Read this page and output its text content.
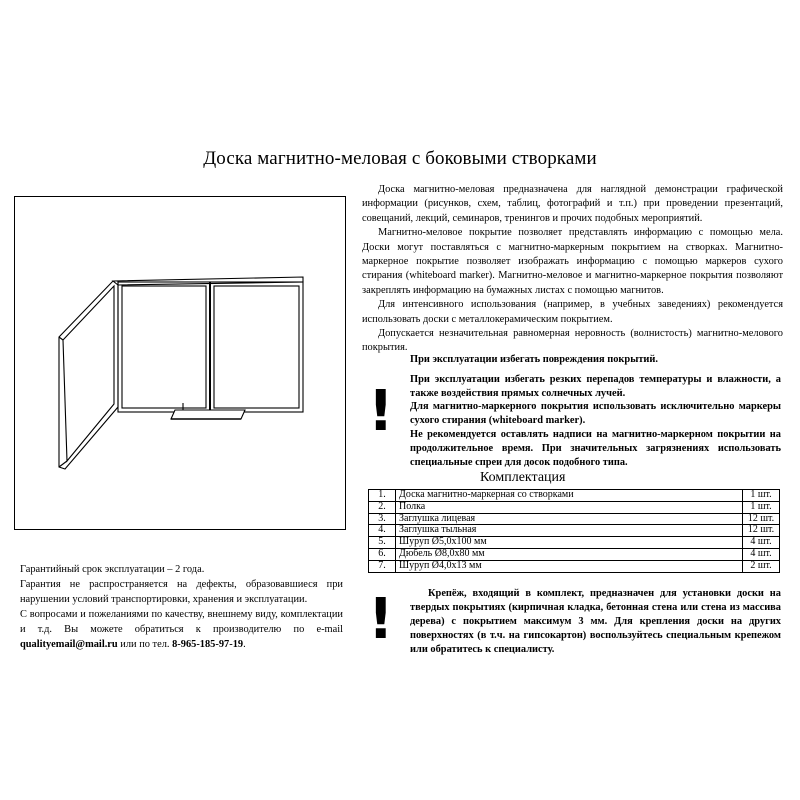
Доска магнитно-меловая с боковыми створками

Доска магнитно-меловая предназначена для наглядной демонстрации графической информации (рисунков, схем, таблиц, фотографий и т.п.) при проведении презентаций, совещаний, лекций, семинаров, тренингов и прочих подобных мероприятий.

Магнитно-меловое покрытие позволяет представлять информацию с помощью мела. Доски могут поставляться с магнитно-маркерным покрытием на створках. Магнитно-маркерное покрытие позволяет изображать информацию с помощью маркеров сухого стирания (whiteboard marker). Магнитно-меловое и магнитно-маркерное покрытия позволяют закреплять информацию на бумажных листах с помощью магнитов.

Для интенсивного использования (например, в учебных заведениях) рекомендуется использовать доски с металлокерамическим покрытием.

Допускается незначительная равномерная неровность (волнистость) магнитно-мелового покрытия.

!

При эксплуатации избегать повреждения покрытий.

При эксплуатации избегать резких перепадов температуры и влажности, а также воздействия прямых солнечных лучей.

Для магнитно-маркерного покрытия использовать исключительно маркеры сухого стирания (whiteboard marker).

Не рекомендуется оставлять надписи на магнитно-маркерном покрытии на продолжительное время. При значительных загрязнениях использовать специальные спреи для досок подобного типа.

Комплектация
1.	Доска магнитно-маркерная со створками	1 шт.
2.	Полка	1 шт.
3.	Заглушка лицевая	12 шт.
4.	Заглушка тыльная	12 шт.
5.	Шуруп Ø5,0x100 мм	4 шт.
6.	Дюбель Ø8,0x80 мм	4 шт.
7.	Шуруп Ø4,0x13 мм	2 шт.
!	Крепёж, входящий в комплект, предназначен для установки доски на твердых покрытиях (кирпичная кладка, бетонная стена или стена из массива дерева) с покрытием максимум 3 мм. Для крепления доски на других поверхностях (в т.ч. на гипсокартон) воспользуйтесь специальным крепежом или обратитесь к специалисту.

Гарантийный срок эксплуатации – 2 года.

Гарантия не распространяется на дефекты, образовавшиеся при нарушении условий транспортировки, хранения и эксплуатации.

С вопросами и пожеланиями по качеству, внешнему виду, комплектации и т.д. Вы можете обратиться к производителю по e-mail qualityemail@mail.ru или по тел. 8-965-185-97-19.
